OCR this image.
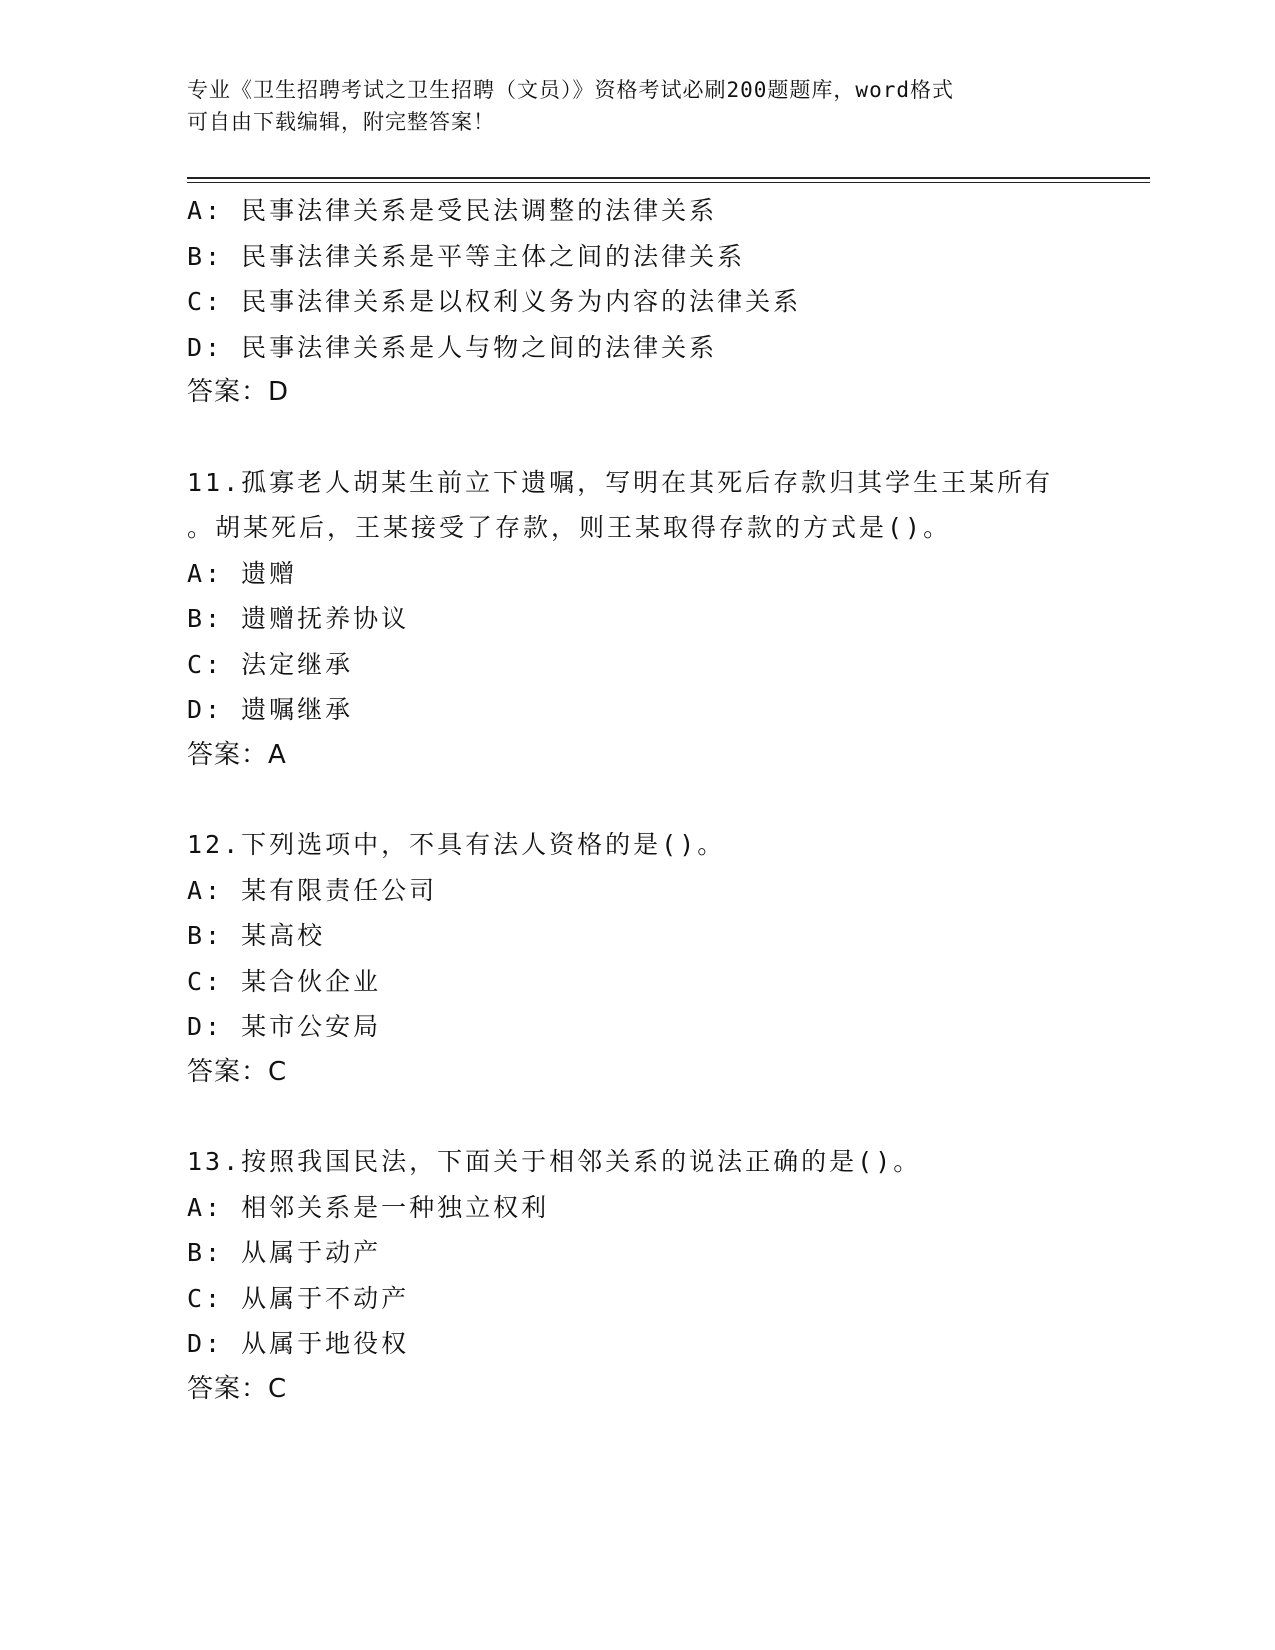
专业《卫生招聘考试之卫生招聘（文员）》资格考试必刷200题题库，word格式
可自由下载编辑，附完整答案！
A: 民事法律关系是受民法调整的法律关系
B: 民事法律关系是平等主体之间的法律关系
C: 民事法律关系是以权利义务为内容的法律关系
D: 民事法律关系是人与物之间的法律关系
答案：D
11.孤寡老人胡某生前立下遗嘱，写明在其死后存款归其学生王某所有
。胡某死后，王某接受了存款，则王某取得存款的方式是()。
A: 遗赠
B: 遗赠抚养协议
C: 法定继承
D: 遗嘱继承
答案：A
12.下列选项中，不具有法人资格的是()。
A: 某有限责任公司
B: 某高校
C: 某合伙企业
D: 某市公安局
答案：C
13.按照我国民法，下面关于相邻关系的说法正确的是()。
A: 相邻关系是一种独立权利
B: 从属于动产
C: 从属于不动产
D: 从属于地役权
答案：C
